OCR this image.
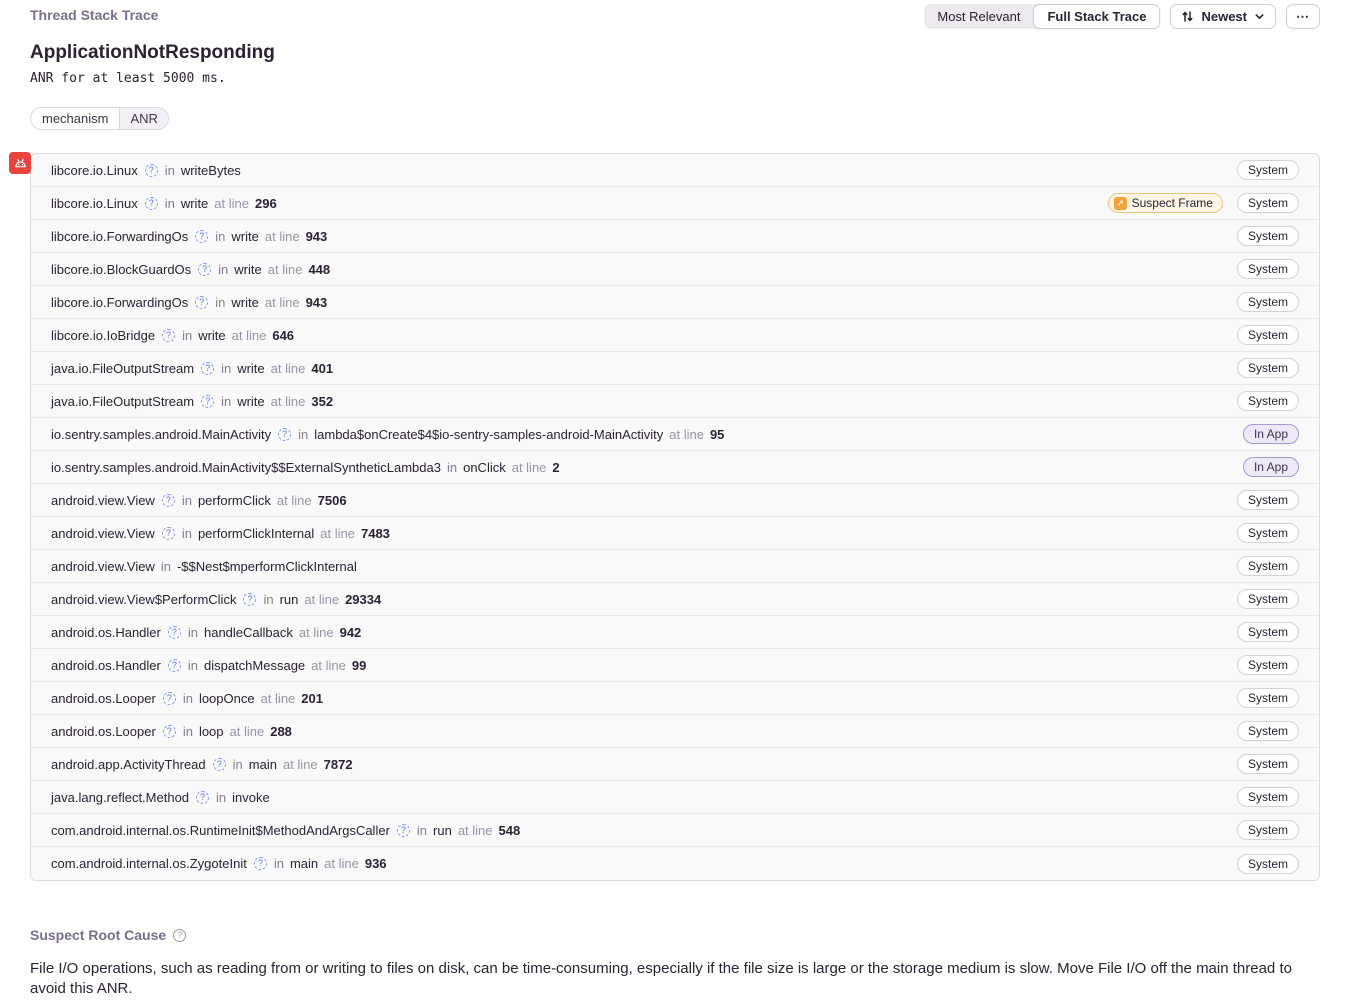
Thread Stack Trace	Most Relevant	Full Stack Trace	Newest	⋯
ApplicationNotResponding
ANR for at least 5000 ms.
mechanism	ANR
libcore.io.Linux	? in writeBytes	System
libcore.io.Linux	? in write at line 296	↗ Suspect Frame	System
libcore.io.ForwardingOs	? in write at line 943	System
libcore.io.BlockGuardOs	? in write at line 448	System
libcore.io.ForwardingOs	? in write at line 943	System
libcore.io.IoBridge	? in write at line 646	System
java.io.FileOutputStream	? in write at line 401	System
java.io.FileOutputStream	? in write at line 352	System
io.sentry.samples.android.MainActivity	? in lambda$onCreate$4$io-sentry-samples-android-MainActivity at line 95	In App
io.sentry.samples.android.MainActivity$$ExternalSyntheticLambda3 in onClick at line 2	In App
android.view.View	? in performClick at line 7506	System
android.view.View	? in performClickInternal at line 7483	System
android.view.View in -$$Nest$mperformClickInternal	System
android.view.View$PerformClick	? in run at line 29334	System
android.os.Handler	? in handleCallback at line 942	System
android.os.Handler	? in dispatchMessage at line 99	System
android.os.Looper	? in loopOnce at line 201	System
android.os.Looper	? in loop at line 288	System
android.app.ActivityThread	? in main at line 7872	System
java.lang.reflect.Method	? in invoke	System
com.android.internal.os.RuntimeInit$MethodAndArgsCaller	? in run at line 548	System
com.android.internal.os.ZygoteInit	? in main at line 936	System
Suspect Root Cause	?
File I/O operations, such as reading from or writing to files on disk, can be time-consuming, especially if the file size is large or the storage medium is slow. Move File I/O off the main thread to avoid this ANR.
